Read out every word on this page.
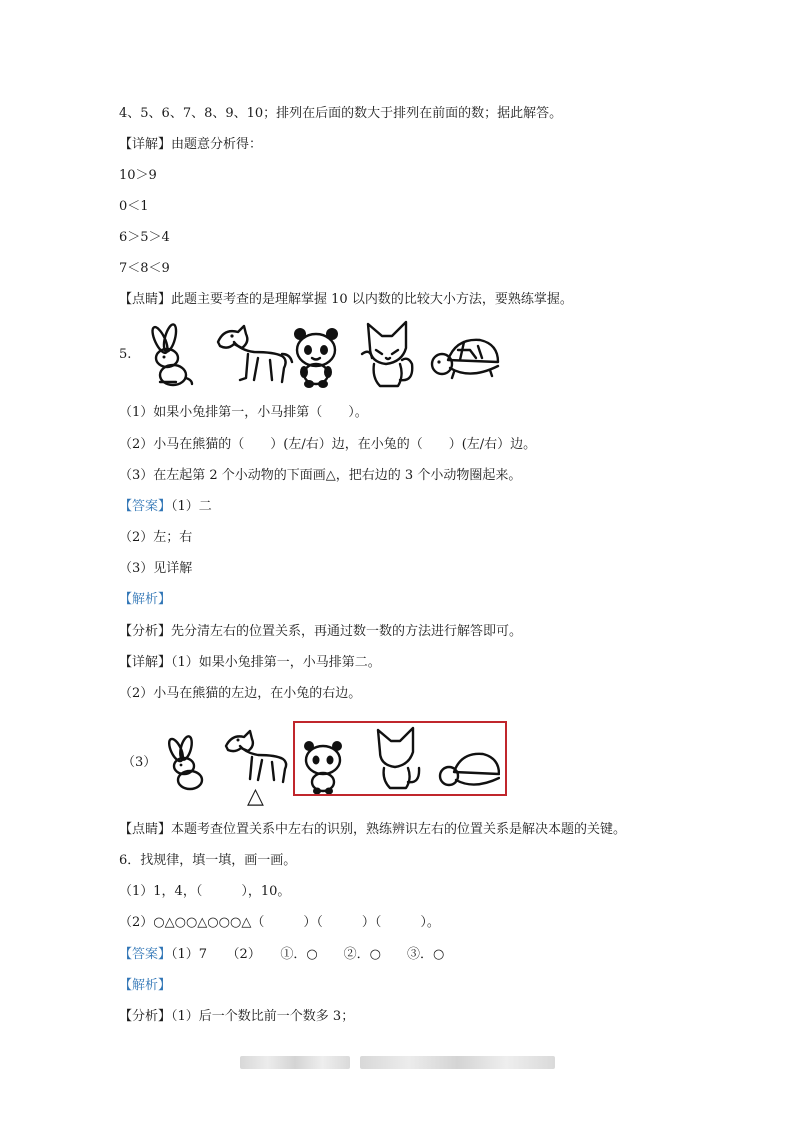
4、5、6、7、8、9、10；排列在后面的数大于排列在前面的数；据此解答。
【详解】由题意分析得：
10＞9
0＜1
6＞5＞4
7＜8＜9
【点睛】此题主要考查的是理解掌握 10 以内数的比较大小方法，要熟练掌握。
5.
（1）如果小兔排第一，小马排第（　　）。
（2）小马在熊猫的（　　）(左/右）边，在小兔的（　　）(左/右）边。
（3）在左起第 2 个小动物的下面画△，把右边的 3 个小动物圈起来。
【答案】（1）二
（2）左；右
（3）见详解
【解析】
【分析】先分清左右的位置关系，再通过数一数的方法进行解答即可。
【详解】（1）如果小兔排第一，小马排第二。
（2）小马在熊猫的左边，在小兔的右边。
（3）
△
【点睛】本题考查位置关系中左右的识别，熟练辨识左右的位置关系是解决本题的关键。
6．找规律，填一填，画一画。
（1）1，4，（　　　），10。
（2）○△○○△○○○△（　　　）（　　　）（　　　）。
【答案】（1）7　　（2）　　①．○　　②．○　　③．○
【解析】
【分析】（1）后一个数比前一个数多 3；
